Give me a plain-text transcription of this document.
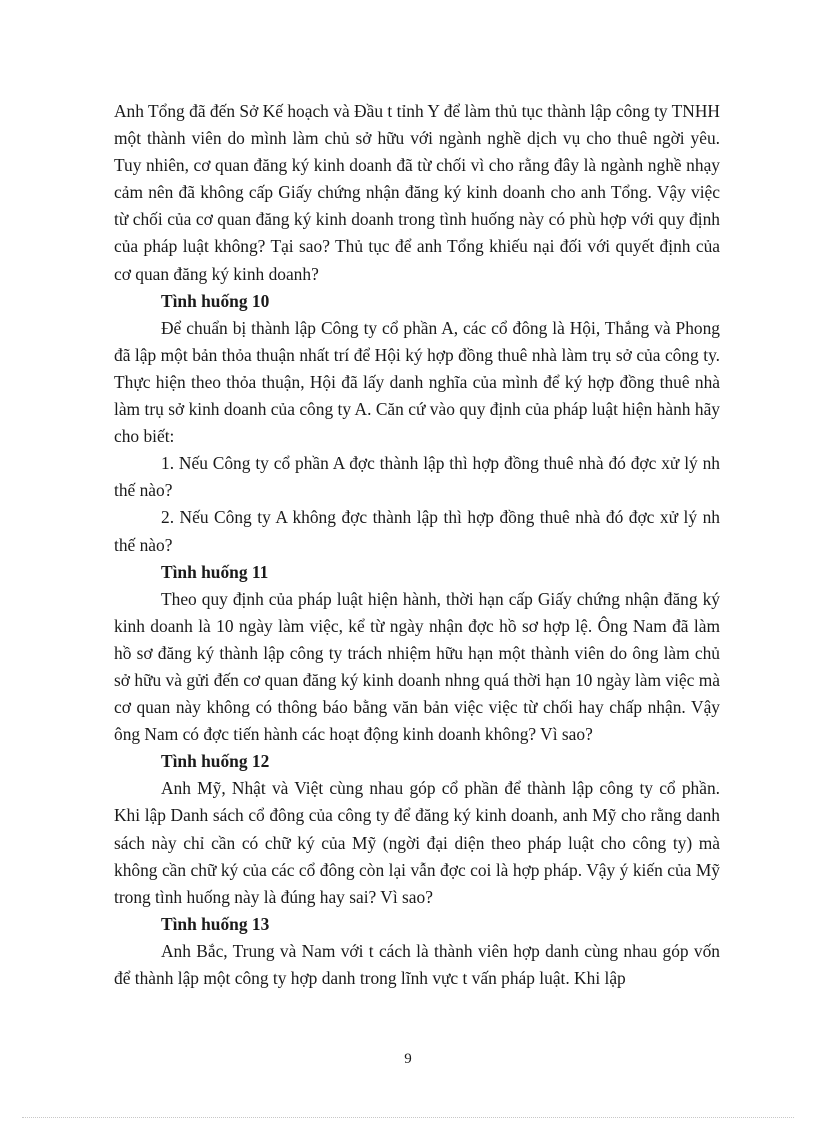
Anh Tổng đã đến Sở Kế hoạch và Đầu t tỉnh Y để làm thủ tục thành lập công ty TNHH một thành viên do mình làm chủ sở hữu với ngành nghề dịch vụ cho thuê ngời yêu. Tuy nhiên, cơ quan đăng ký kinh doanh đã từ chối vì cho rằng đây là ngành nghề nhạy cảm nên đã không cấp Giấy chứng nhận đăng ký kinh doanh cho anh Tổng. Vậy việc từ chối của cơ quan đăng ký kinh doanh trong tình huống này có phù hợp với quy định của pháp luật không? Tại sao? Thủ tục để anh Tổng khiếu nại đối với quyết định của cơ quan đăng ký kinh doanh?

Tình huống 10

Để chuẩn bị thành lập Công ty cổ phần A, các cổ đông là Hội, Thắng và Phong đã lập một bản thỏa thuận nhất trí để Hội ký hợp đồng thuê nhà làm trụ sở của công ty. Thực hiện theo thỏa thuận, Hội đã lấy danh nghĩa của mình để ký hợp đồng thuê nhà làm trụ sở kinh doanh của công ty A. Căn cứ vào quy định của pháp luật hiện hành hãy cho biết:

1. Nếu Công ty cổ phần A đợc thành lập thì hợp đồng thuê nhà đó đợc xử lý nh thế nào?

2. Nếu Công ty A không đợc thành lập thì hợp đồng thuê nhà đó đợc xử lý nh thế nào?

Tình huống 11

Theo quy định của pháp luật hiện hành, thời hạn cấp Giấy chứng nhận đăng ký kinh doanh là 10 ngày làm việc, kể từ ngày nhận đợc hồ sơ hợp lệ. Ông Nam đã làm hồ sơ đăng ký thành lập công ty trách nhiệm hữu hạn một thành viên do ông làm chủ sở hữu và gửi đến cơ quan đăng ký kinh doanh nhng quá thời hạn 10 ngày làm việc mà cơ quan này không có thông báo bằng văn bản việc việc từ chối hay chấp nhận. Vậy ông Nam có đợc tiến hành các hoạt động kinh doanh không? Vì sao?

Tình huống 12

Anh Mỹ, Nhật và Việt cùng nhau góp cổ phần để thành lập công ty cổ phần. Khi lập Danh sách cổ đông của công ty để đăng ký kinh doanh, anh Mỹ cho rằng danh sách này chỉ cần có chữ ký của Mỹ (ngời đại diện theo pháp luật cho công ty) mà không cần chữ ký của các cổ đông còn lại vẫn đợc coi là hợp pháp. Vậy ý kiến của Mỹ trong tình huống này là đúng hay sai? Vì sao?

Tình huống 13

Anh Bắc, Trung và Nam với t cách là thành viên hợp danh cùng nhau góp vốn để thành lập một công ty hợp danh trong lĩnh vực t vấn pháp luật. Khi lập

9
